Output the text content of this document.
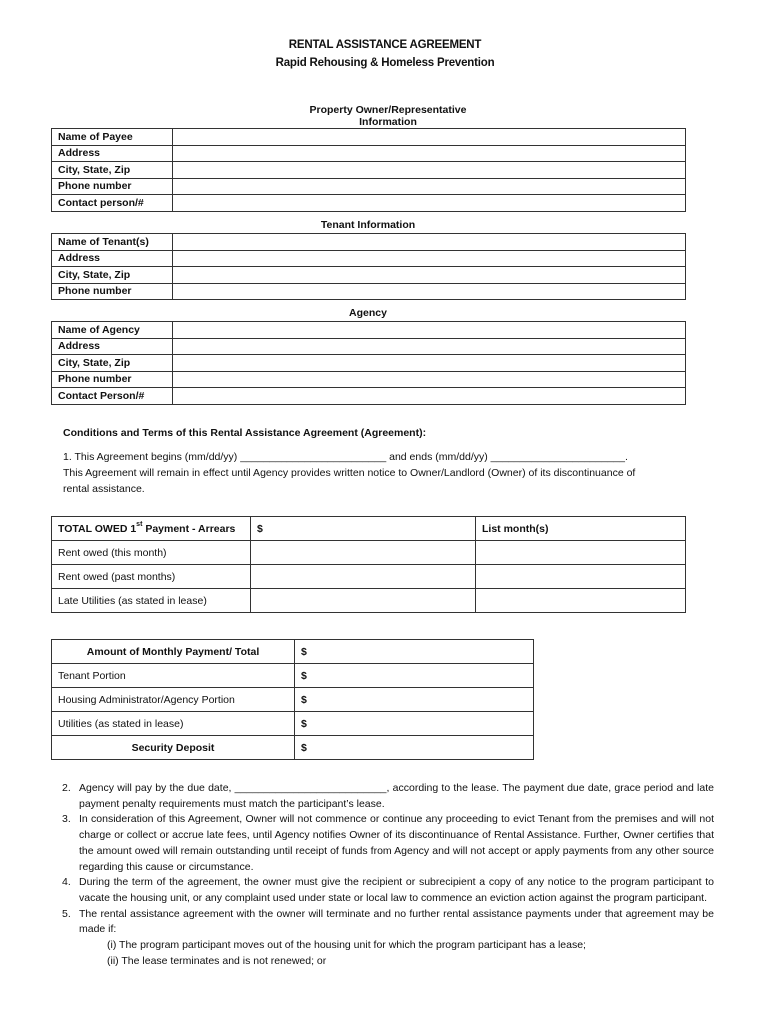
RENTAL ASSISTANCE AGREEMENT
Rapid Rehousing & Homeless Prevention
Property Owner/Representative
Information
Name of Payee	
Address	
City, State, Zip	
Phone number	
Contact person/#	
Tenant Information
Name of Tenant(s)	
Address	
City, State, Zip	
Phone number	
Agency
Name of Agency	
Address	
City, State, Zip	
Phone number	
Contact Person/#	
Conditions and Terms of this Rental Assistance Agreement (Agreement):
1. This Agreement begins (mm/dd/yy) _________________________ and ends (mm/dd/yy) _______________________.
This Agreement will remain in effect until Agency provides written notice to Owner/Landlord (Owner) of its discontinuance of
rental assistance.
TOTAL OWED 1st Payment - Arrears	$	List month(s)
Rent owed (this month)		
Rent owed (past months)		
Late Utilities (as stated in lease)		
Amount of Monthly Payment/ Total	$
Tenant Portion	$
Housing Administrator/Agency Portion	$
Utilities (as stated in lease)	$
Security Deposit	$
2. Agency will pay by the due date, __________________________, according to the lease. The payment due date, grace period and late payment penalty requirements must match the participant’s lease.
3. In consideration of this Agreement, Owner will not commence or continue any proceeding to evict Tenant from the premises and will not charge or collect or accrue late fees, until Agency notifies Owner of its discontinuance of Rental Assistance. Further, Owner certifies that the amount owed will remain outstanding until receipt of funds from Agency and will not accept or apply payments from any other source regarding this cause or circumstance.
4. During the term of the agreement, the owner must give the recipient or subrecipient a copy of any notice to the program participant to vacate the housing unit, or any complaint used under state or local law to commence an eviction action against the program participant.
5. The rental assistance agreement with the owner will terminate and no further rental assistance payments under that agreement may be made if:
(i) The program participant moves out of the housing unit for which the program participant has a lease;
(ii) The lease terminates and is not renewed; or
